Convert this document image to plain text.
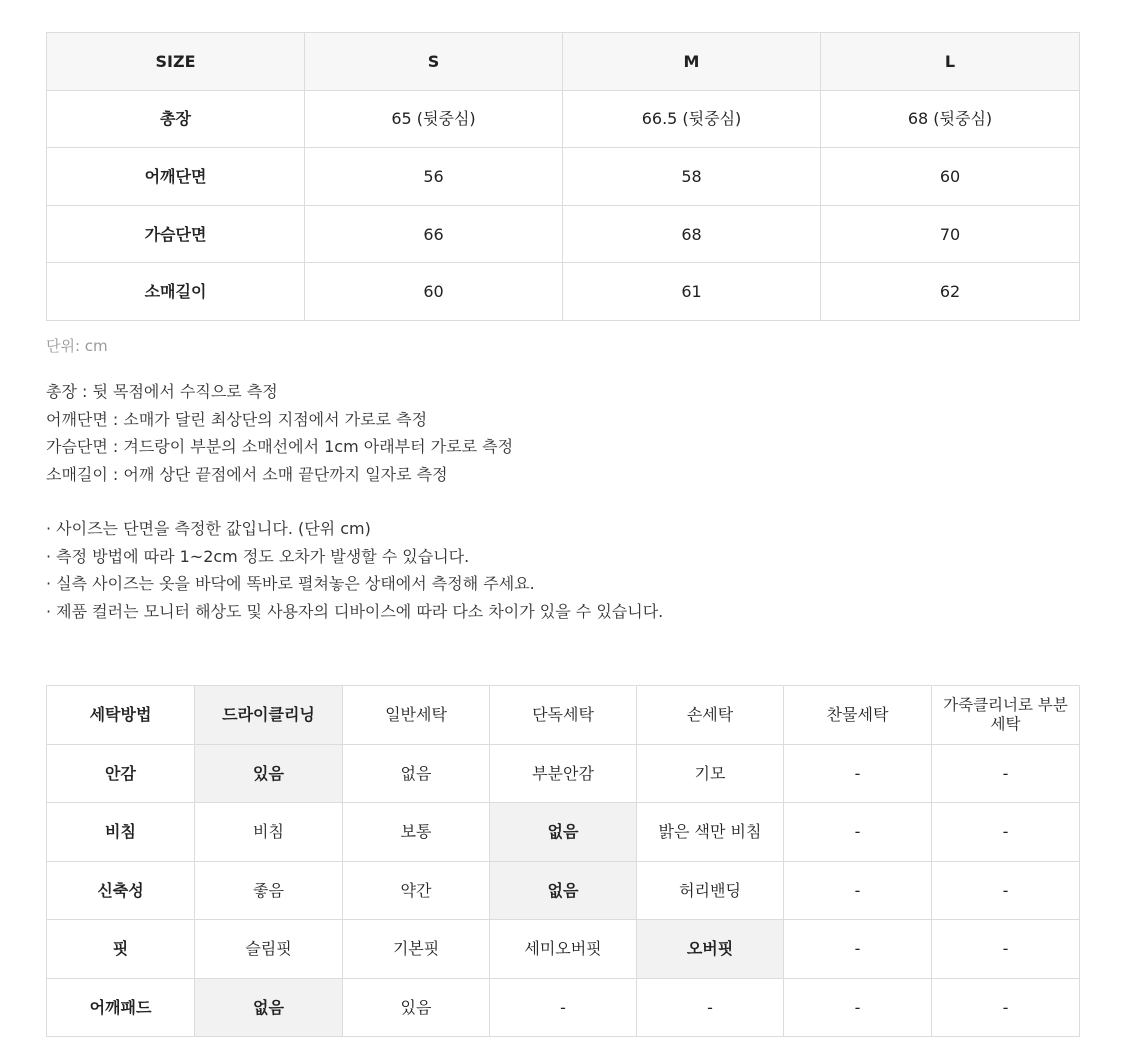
SIZE	S	M	L
총장	65 (뒷중심)	66.5 (뒷중심)	68 (뒷중심)
어깨단면	56	58	60
가슴단면	66	68	70
소매길이	60	61	62
단위: cm
총장 : 뒷 목점에서 수직으로 측정
어깨단면 : 소매가 달린 최상단의 지점에서 가로로 측정
가슴단면 : 겨드랑이 부분의 소매선에서 1cm 아래부터 가로로 측정
소매길이 : 어깨 상단 끝점에서 소매 끝단까지 일자로 측정
· 사이즈는 단면을 측정한 값입니다. (단위 cm)
· 측정 방법에 따라 1~2cm 정도 오차가 발생할 수 있습니다.
· 실측 사이즈는 옷을 바닥에 똑바로 펼쳐놓은 상태에서 측정해 주세요.
· 제품 컬러는 모니터 해상도 및 사용자의 디바이스에 따라 다소 차이가 있을 수 있습니다.
세탁방법	드라이클리닝	일반세탁	단독세탁	손세탁	찬물세탁	가죽클리너로 부분세탁
안감	있음	없음	부분안감	기모	-	-
비침	비침	보통	없음	밝은 색만 비침	-	-
신축성	좋음	약간	없음	허리밴딩	-	-
핏	슬림핏	기본핏	세미오버핏	오버핏	-	-
어깨패드	없음	있음	-	-	-	-
